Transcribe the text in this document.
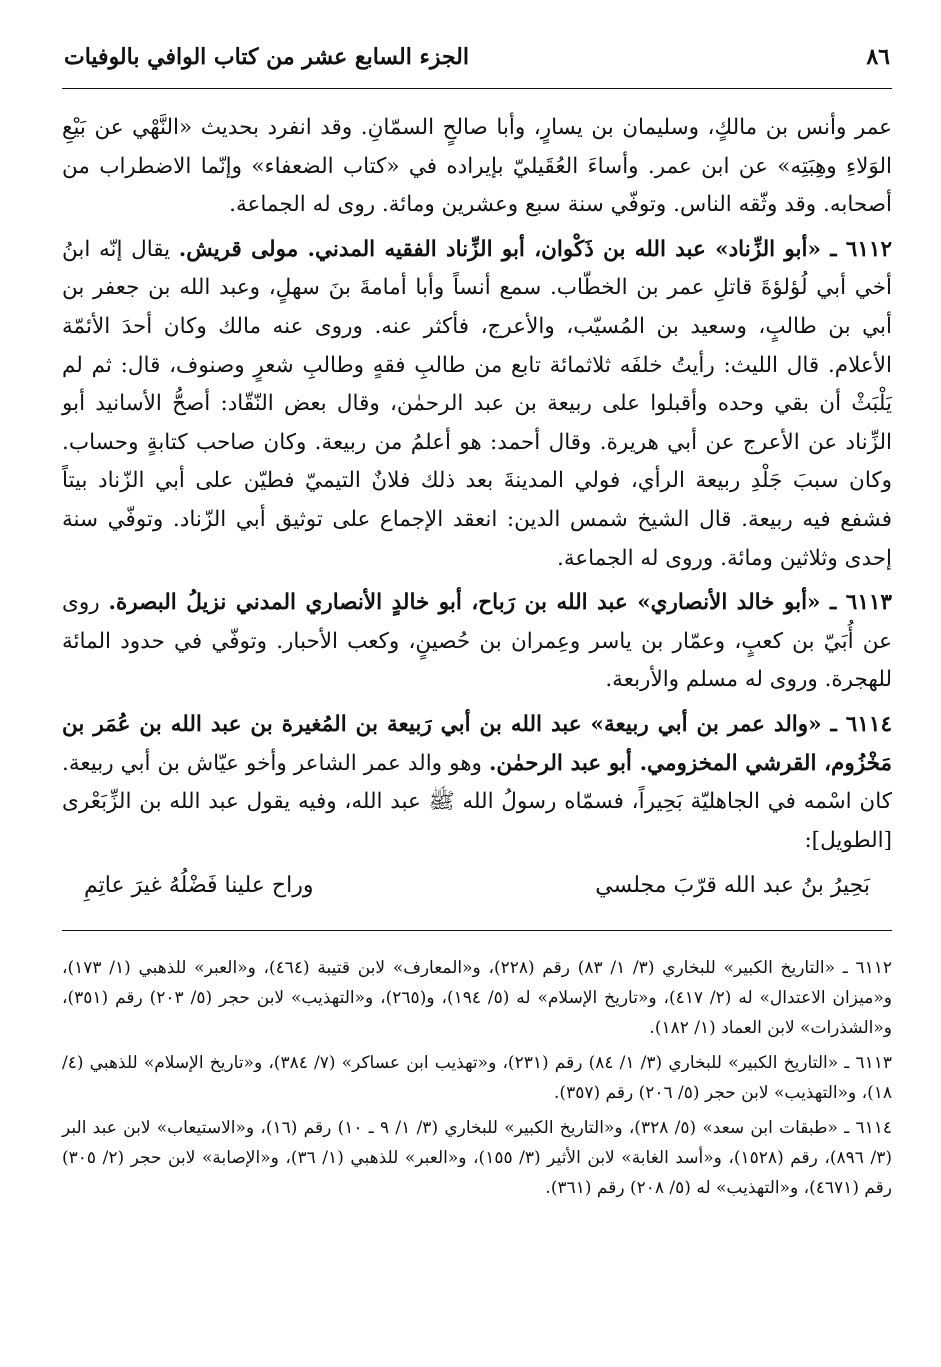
٨٦
الجزء السابع عشر من كتاب الوافي بالوفيات

عمر وأنس بن مالكٍ، وسليمان بن يسارٍ، وأبا صالحٍ السمّانِ. وقد انفرد بحديث «النَّهْي عن بَيْعِ الوَلاءِ وهِبَتِه» عن ابن عمر. وأساءَ العُقَيليّ بإيراده في «كتاب الضعفاء» وإنّما الاضطراب من أصحابه. وقد وثّقه الناس. وتوفّي سنة سبع وعشرين ومائة. روى له الجماعة.

٦١١٢ ـ «أبو الزِّناد» عبد الله بن ذَكْوان، أبو الزِّناد الفقيه المدني. مولى قريش. يقال إنّه ابنُ أخي أبي لُؤلؤةَ قاتلِ عمر بن الخطّاب. سمع أنساً وأبا أمامةَ بنَ سهلٍ، وعبد الله بن جعفر بن أبي بن طالبٍ، وسعيد بن المُسيّب، والأعرج، فأكثر عنه. وروى عنه مالك وكان أحدَ الأئمّة الأعلام. قال الليث: رأيتُ خلفَه ثلاثمائة تابع من طالبِ فقهٍ وطالبِ شعرٍ وصنوف، قال: ثم لم يَلْبَثْ أن بقي وحده وأقبلوا على ربيعة بن عبد الرحمٰن، وقال بعض النّقّاد: أصحُّ الأسانيد أبو الزِّناد عن الأعرج عن أبي هريرة. وقال أحمد: هو أعلمُ من ربيعة. وكان صاحب كتابةٍ وحساب. وكان سببَ جَلْدِ ربيعة الرأي، فولي المدينةَ بعد ذلك فلانٌ التيميّ فطيّن على أبي الزّناد بيتاً فشفع فيه ربيعة. قال الشيخ شمس الدين: انعقد الإجماع على توثيق أبي الزّناد. وتوفّي سنة إحدى وثلاثين ومائة. وروى له الجماعة.

٦١١٣ ـ «أبو خالد الأنصاري» عبد الله بن رَباح، أبو خالدٍ الأنصاري المدني نزيلُ البصرة. روى عن أُبَيّ بن كعبٍ، وعمّار بن ياسر وعِمران بن حُصينٍ، وكعب الأحبار. وتوفّي في حدود المائة للهجرة. وروى له مسلم والأربعة.

٦١١٤ ـ «والد عمر بن أبي ربيعة» عبد الله بن أبي رَبيعة بن المُغيرة بن عبد الله بن عُمَر بن مَخْزُوم، القرشي المخزومي. أبو عبد الرحمٰن. وهو والد عمر الشاعر وأخو عيّاش بن أبي ربيعة. كان اسْمه في الجاهليّة بَحِيراً، فسمّاه رسولُ الله ﷺ عبد الله، وفيه يقول عبد الله بن الزِّبَعْرى [الطويل]:

بَحِيرُ بنُ عبد الله قرّبَ مجلسي
وراح علينا فَضْلُهُ غيرَ عاتِمِ

٦١١٢ ـ «التاريخ الكبير» للبخاري (٣/ ١/ ٨٣) رقم (٢٢٨)، و«المعارف» لابن قتيبة (٤٦٤)، و«العبر» للذهبي (١/ ١٧٣)، و«ميزان الاعتدال» له (٢/ ٤١٧)، و«تاريخ الإسلام» له (٥/ ١٩٤)، و(٢٦٥)، و«التهذيب» لابن حجر (٥/ ٢٠٣) رقم (٣٥١)، و«الشذرات» لابن العماد (١/ ١٨٢).

٦١١٣ ـ «التاريخ الكبير» للبخاري (٣/ ١/ ٨٤) رقم (٢٣١)، و«تهذيب ابن عساكر» (٧/ ٣٨٤)، و«تاريخ الإسلام» للذهبي (٤/ ١٨)، و«التهذيب» لابن حجر (٥/ ٢٠٦) رقم (٣٥٧).

٦١١٤ ـ «طبقات ابن سعد» (٥/ ٣٢٨)، و«التاريخ الكبير» للبخاري (٣/ ١/ ٩ ـ ١٠) رقم (١٦)، و«الاستيعاب» لابن عبد البر (٣/ ٨٩٦)، رقم (١٥٢٨)، و«أسد الغابة» لابن الأثير (٣/ ١٥٥)، و«العبر» للذهبي (١/ ٣٦)، و«الإصابة» لابن حجر (٢/ ٣٠٥) رقم (٤٦٧١)، و«التهذيب» له (٥/ ٢٠٨) رقم (٣٦١).
